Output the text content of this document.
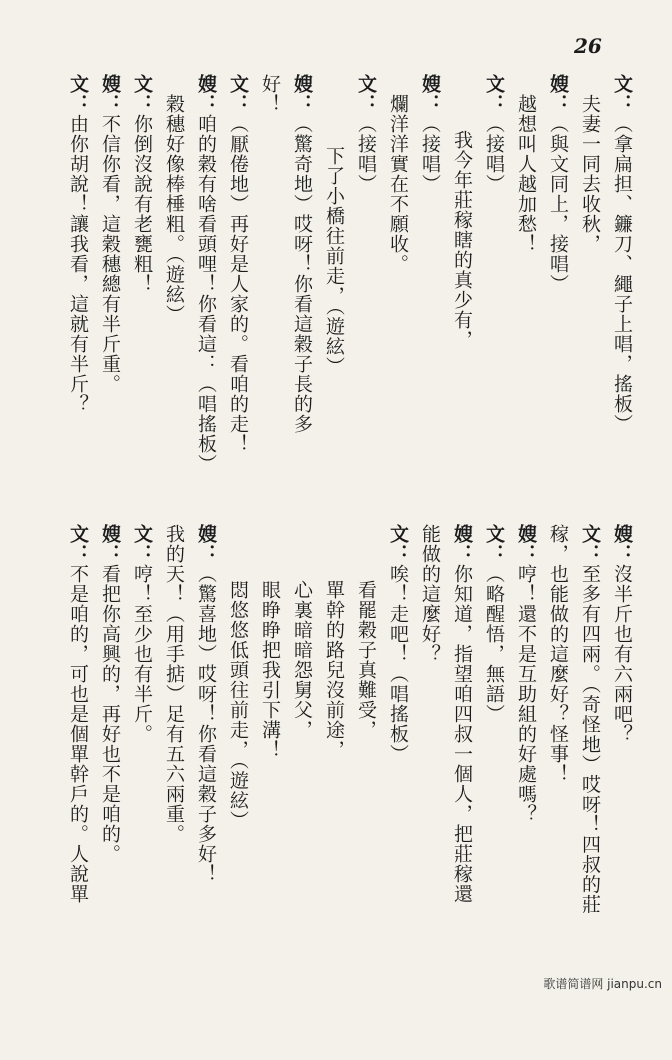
26
文：（拿扁担、鐮刀、繩子上唱，搖板）
夫妻一同去收秋，
嫂：（與文同上，接唱）
越想叫人越加愁！
文：（接唱）
我今年莊稼瞎的真少有，
嫂：（接唱）
爛洋洋實在不願收。
文：（接唱）
下了小橋往前走，（遊絃）
嫂：（驚奇地）哎呀！你看這穀子長的多
好！
文：（厭倦地）再好是人家的。看咱的走！
嫂：咱的穀有啥看頭哩！你看這：（唱搖板）
穀穗好像棒棰粗。（遊絃）
文：你倒沒說有老甕粗！
嫂：不信你看，這穀穗總有半斤重。
文：由你胡說！讓我看，這就有半斤？
嫂：沒半斤也有六兩吧？
文：至多有四兩。（奇怪地）哎呀！四叔的莊
稼，也能做的這麼好？怪事！
嫂：哼！還不是互助組的好處嗎？
文：（略醒悟，無語）
嫂：你知道，指望咱四叔一個人，把莊稼還
能做的這麼好？
文：唉！走吧！（唱搖板）
看罷穀子真難受，
單幹的路兒沒前途，
心裏暗暗怨舅父，
眼睁睁把我引下溝！
悶悠悠低頭往前走，（遊絃）
嫂：（驚喜地）哎呀！你看這穀子多好！
我的天！（用手掂）足有五六兩重。
文：哼！至少也有半斤。
嫂：看把你高興的，再好也不是咱的。
文：不是咱的，可也是個單幹戶的。人說單
歌谱简谱网 jianpu.cn
